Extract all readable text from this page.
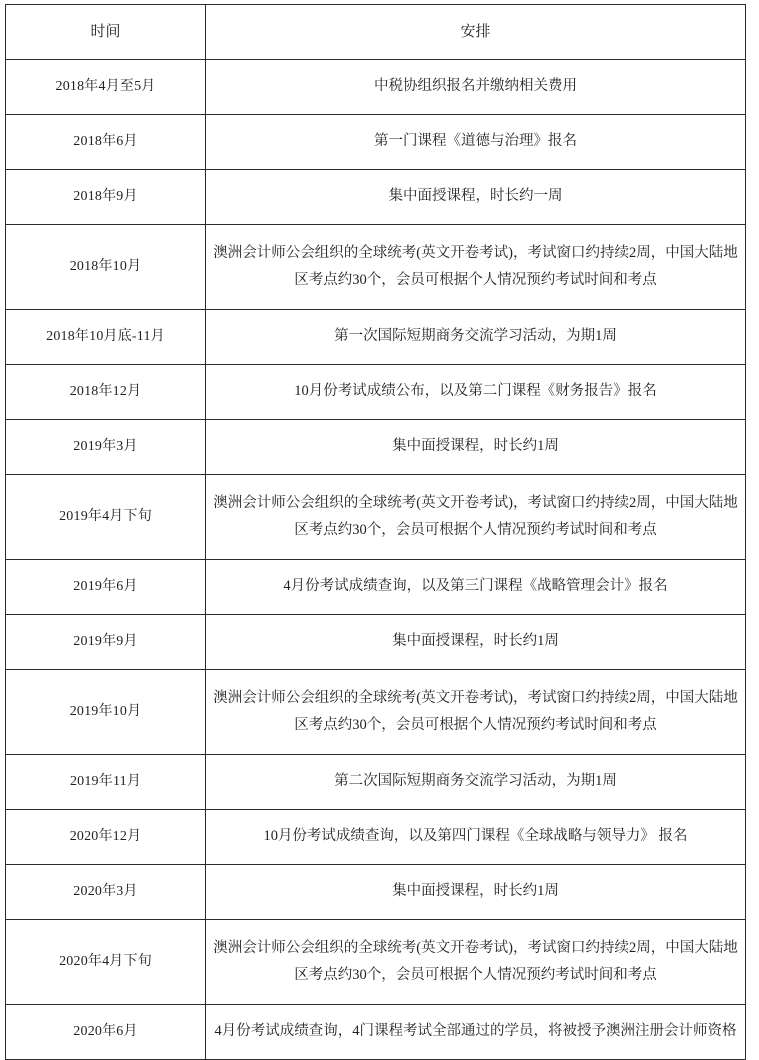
时间	安排
2018年4月至5月	中税协组织报名并缴纳相关费用
2018年6月	第一门课程《道德与治理》报名
2018年9月	集中面授课程，时长约一周
2018年10月	澳洲会计师公会组织的全球统考(英文开卷考试)，考试窗口约持续2周，中国大陆地区考点约30个，会员可根据个人情况预约考试时间和考点
2018年10月底-11月	第一次国际短期商务交流学习活动，为期1周
2018年12月	10月份考试成绩公布，以及第二门课程《财务报告》报名
2019年3月	集中面授课程，时长约1周
2019年4月下旬	澳洲会计师公会组织的全球统考(英文开卷考试)，考试窗口约持续2周，中国大陆地区考点约30个，会员可根据个人情况预约考试时间和考点
2019年6月	4月份考试成绩查询，以及第三门课程《战略管理会计》报名
2019年9月	集中面授课程，时长约1周
2019年10月	澳洲会计师公会组织的全球统考(英文开卷考试)，考试窗口约持续2周，中国大陆地区考点约30个，会员可根据个人情况预约考试时间和考点
2019年11月	第二次国际短期商务交流学习活动，为期1周
2020年12月	10月份考试成绩查询，以及第四门课程《全球战略与领导力》 报名
2020年3月	集中面授课程，时长约1周
2020年4月下旬	澳洲会计师公会组织的全球统考(英文开卷考试)，考试窗口约持续2周，中国大陆地区考点约30个，会员可根据个人情况预约考试时间和考点
2020年6月	4月份考试成绩查询，4门课程考试全部通过的学员，将被授予澳洲注册会计师资格
